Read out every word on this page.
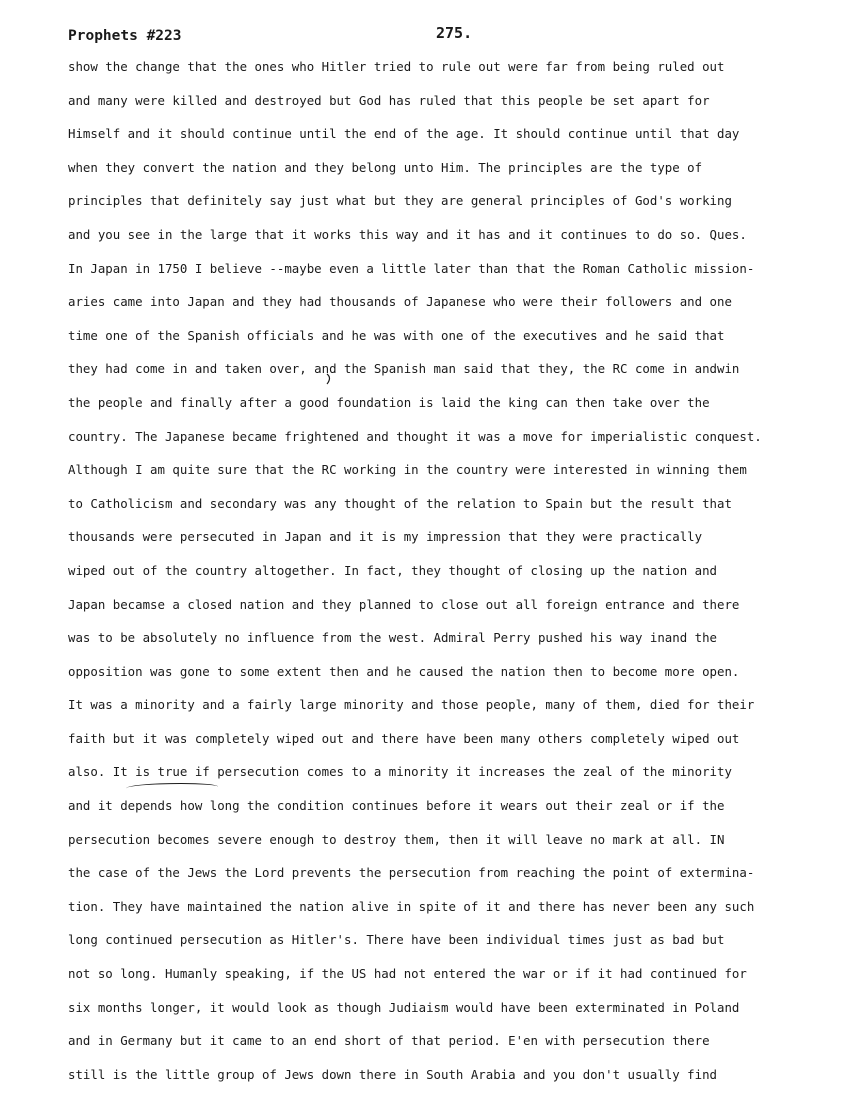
Prophets #223	275.
show the change that the ones who Hitler tried to rule out were far from being ruled out
and many were killed and destroyed but God has ruled that this people be set apart for
Himself and it should continue until the end of the age. It should continue until that day
when they convert the nation and they belong unto Him. The principles are the type of
principles that definitely say just what but they are general principles of God's working
and you see in the large that it works this way and it has and it continues to do so. Ques.
In Japan in 1750 I believe --maybe even a little later than that the Roman Catholic mission-
aries came into Japan and they had thousands of Japanese who were their followers and one
time one of the Spanish officials and he was with one of the executives and he said that
they had come in and taken over, and the Spanish man said that they, the RC come in andwin
the people and finally after a good foundation is laid the king can then take over the
country. The Japanese became frightened and thought it was a move for imperialistic conquest.
Although I am quite sure that the RC working in the country were interested in winning them
to Catholicism and secondary was any thought of the relation to Spain but the result that
thousands were persecuted in Japan and it is my impression that they were practically
wiped out of the country altogether. In fact, they thought of closing up the nation and
Japan becamse a closed nation and they planned to close out all foreign entrance and there
was to be absolutely no influence from the west. Admiral Perry pushed his way inand the
opposition was gone to some extent then and he caused the nation then to become more open.
It was a minority and a fairly large minority and those people, many of them, died for their
faith but it was completely wiped out and there have been many others completely wiped out
also. It is true if persecution comes to a minority it increases the zeal of the minority
and it depends how long the condition continues before it wears out their zeal or if the
persecution becomes severe enough to destroy them, then it will leave no mark at all. IN
the case of the Jews the Lord prevents the persecution from reaching the point of extermina-
tion. They have maintained the nation alive in spite of it and there has never been any such
long continued persecution as Hitler's. There have been individual times just as bad but
not so long. Humanly speaking, if the US had not entered the war or if it had continued for
six months longer, it would look as though Judiaism would have been exterminated in Poland
and in Germany but it came to an end short of that period. E'en with persecution there
still is the little group of Jews down there in South Arabia and you don't usually find
